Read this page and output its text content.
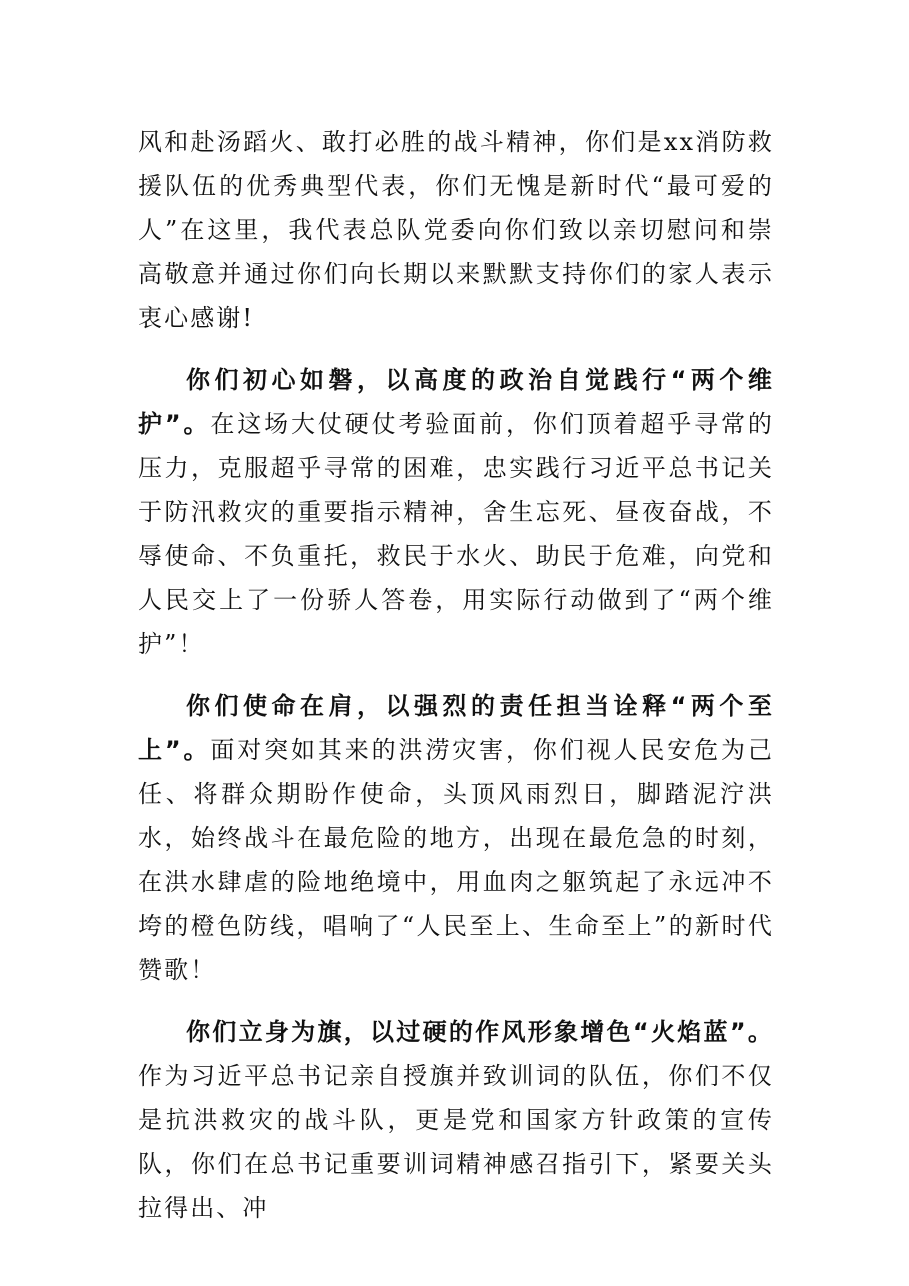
风和赴汤蹈火、敢打必胜的战斗精神，你们是xx消防救援队伍的优秀典型代表，你们无愧是新时代“最可爱的人”在这里，我代表总队党委向你们致以亲切慰问和崇高敬意并通过你们向长期以来默默支持你们的家人表示衷心感谢!

你们初心如磐，以高度的政治自觉践行“两个维护”。在这场大仗硬仗考验面前，你们顶着超乎寻常的压力，克服超乎寻常的困难，忠实践行习近平总书记关于防汛救灾的重要指示精神，舍生忘死、昼夜奋战，不辱使命、不负重托，救民于水火、助民于危难，向党和人民交上了一份骄人答卷，用实际行动做到了“两个维护”！

你们使命在肩，以强烈的责任担当诠释“两个至上”。面对突如其来的洪涝灾害，你们视人民安危为己任、将群众期盼作使命，头顶风雨烈日，脚踏泥泞洪水，始终战斗在最危险的地方，出现在最危急的时刻，在洪水肆虐的险地绝境中，用血肉之躯筑起了永远冲不垮的橙色防线，唱响了“人民至上、生命至上”的新时代赞歌！

你们立身为旗，以过硬的作风形象增色“火焰蓝”。作为习近平总书记亲自授旗并致训词的队伍，你们不仅是抗洪救灾的战斗队，更是党和国家方针政策的宣传队，你们在总书记重要训词精神感召指引下，紧要关头拉得出、冲
